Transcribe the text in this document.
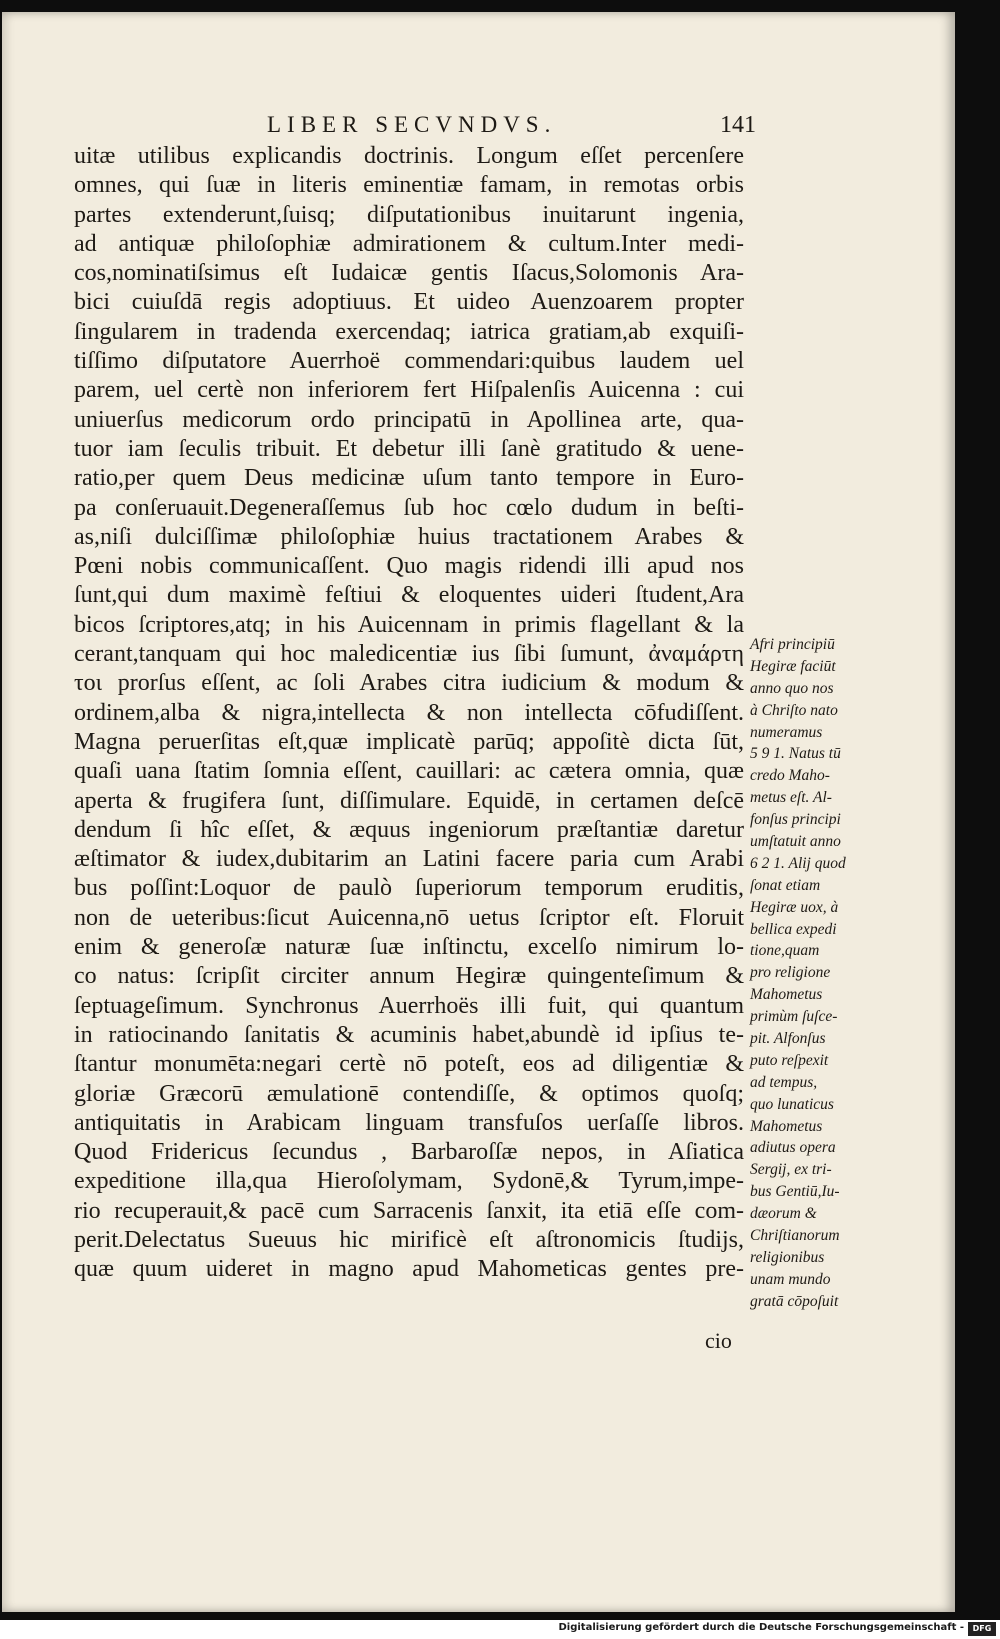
LIBER SECVNDVS.	141
uitæ utilibus explicandis doctrinis. Longum eſſet percenſere
omnes, qui ſuæ in literis eminentiæ famam, in remotas orbis
partes extenderunt,ſuisq; diſputationibus inuitarunt ingenia,
ad antiquæ philoſophiæ admirationem & cultum.Inter medi-
cos,nominatiſsimus eſt Iudaicæ gentis Iſacus,Solomonis Ara-
bici cuiuſdā regis adoptiuus. Et uideo Auenzoarem propter
ſingularem in tradenda exercendaq; iatrica gratiam,ab exquiſi-
tiſſimo diſputatore Auerrhoë commendari:quibus laudem uel
parem, uel certè non inferiorem fert Hiſpalenſis Auicenna : cui
uniuerſus medicorum ordo principatū in Apollinea arte, qua-
tuor iam ſeculis tribuit. Et debetur illi ſanè gratitudo & uene-
ratio,per quem Deus medicinæ uſum tanto tempore in Euro-
pa conſeruauit.Degeneraſſemus ſub hoc cœlo dudum in beſti-
as,niſi dulciſſimæ philoſophiæ huius tractationem Arabes &
Pœni nobis communicaſſent. Quo magis ridendi illi apud nos
ſunt,qui dum maximè feſtiui & eloquentes uideri ſtudent,Ara
bicos ſcriptores,atq; in his Auicennam in primis flagellant & la
cerant,tanquam qui hoc maledicentiæ ius ſibi ſumunt, ἀναμάρτη
τοι prorſus eſſent, ac ſoli Arabes citra iudicium & modum &
ordinem,alba & nigra,intellecta & non intellecta cōfudiſſent.
Magna peruerſitas eſt,quæ implicatè parūq; appoſitè dicta ſūt,
quaſi uana ſtatim ſomnia eſſent, cauillari: ac cætera omnia, quæ
aperta & frugifera ſunt, diſſimulare. Equidē, in certamen deſcē
dendum ſi hîc eſſet, & æquus ingeniorum præſtantiæ daretur
æſtimator & iudex,dubitarim an Latini facere paria cum Arabi
bus poſſint:Loquor de paulò ſuperiorum temporum eruditis,
non de ueteribus:ſicut Auicenna,nō uetus ſcriptor eſt. Floruit
enim & generoſæ naturæ ſuæ inſtinctu, excelſo nimirum lo-
co natus: ſcripſit circiter annum Hegiræ quingenteſimum &
ſeptuageſimum. Synchronus Auerrhoës illi fuit, qui quantum
in ratiocinando ſanitatis & acuminis habet,abundè id ipſius te-
ſtantur monumēta:negari certè nō poteſt, eos ad diligentiæ &
gloriæ Græcorū æmulationē contendiſſe, & optimos quoſq;
antiquitatis in Arabicam linguam transfuſos uerſaſſe libros.
Quod Fridericus ſecundus , Barbaroſſæ nepos, in Aſiatica
expeditione illa,qua Hieroſolymam, Sydonē,& Tyrum,impe-
rio recuperauit,& pacē cum Sarracenis ſanxit, ita etiā eſſe com-
perit.Delectatus Sueuus hic mirificè eſt aſtronomicis ſtudijs,
quæ quum uideret in magno apud Mahometicas gentes pre-
cio
Afri principiū
Hegiræ faciūt
anno quo nos
à Chriſto nato
numeramus
5 9 1. Natus tū
credo Maho-
metus eſt. Al-
fonſus principi
umſtatuit anno
6 2 1. Alij quod
ſonat etiam
Hegiræ uox, à
bellica expedi
tione,quam
pro religione
Mahometus
primùm ſuſce-
pit. Alfonſus
puto reſpexit
ad tempus,
quo lunaticus
Mahometus
adiutus opera
Sergij, ex tri-
bus Gentiū,Iu-
dæorum &
Chriſtianorum
religionibus
unam mundo
gratā cōpoſuit
Digitalisierung gefördert durch die Deutsche Forschungsgemeinschaft -	DFG
